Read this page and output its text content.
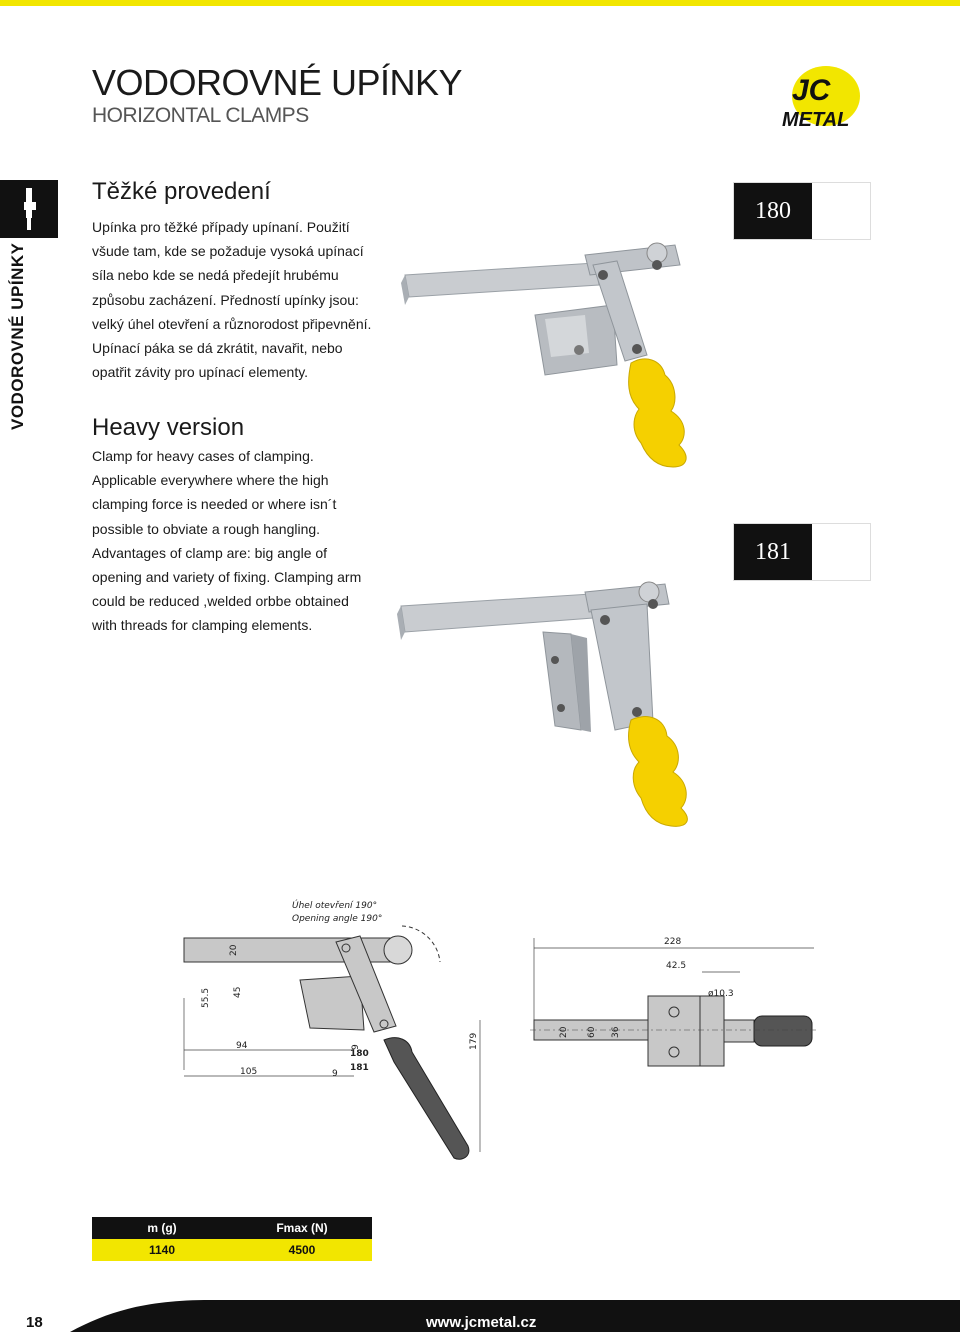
VODOROVNÉ UPÍNKY
HORIZONTAL CLAMPS
JC
METAL
VODOROVNÉ UPÍNKY
Těžké provedení
Upínka pro těžké případy upínaní. Použití
všude tam, kde se požaduje vysoká upínací
síla nebo kde se nedá předejít hrubému
způsobu zacházení. Předností upínky jsou:
velký úhel otevření a různorodost připevnění.
Upínací páka se dá zkrátit, navařit, nebo
opatřit závity pro upínací elementy.
Heavy version
Clamp for heavy cases of clamping.
Applicable everywhere where the high
clamping force is needed or where isn´t
possible to obviate a rough hangling.
Advantages of clamp are: big angle of
opening and variety of fixing. Clamping arm
could be reduced ,welded orbbe obtained
with threads for clamping elements.
180
181
Úhel otevření 190°
Opening angle 190°
20
45
55.5
94
105
9
9
180
181
179
228
42.5
ø10.3
20 60 36
m (g)	Fmax (N)
1140	4500
18	www.jcmetal.cz
